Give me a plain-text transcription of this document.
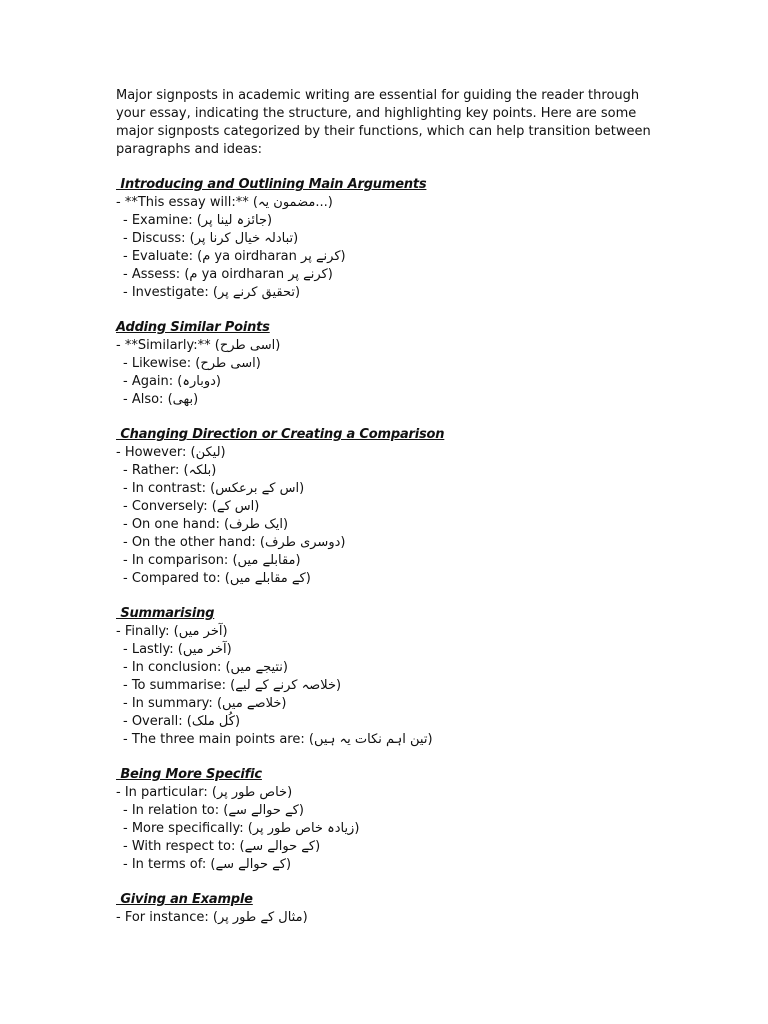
Major signposts in academic writing are essential for guiding the reader through your essay, indicating the structure, and highlighting key points. Here are some major signposts categorized by their functions, which can help transition between paragraphs and ideas:

Introducing and Outlining Main Arguments
- **This essay will:** (مضمون یہ...)
- Examine: (جائزہ لینا پر)
- Discuss: (تبادلہ خیال کرنا پر)
- Evaluate: (م ya oirdharan کرنے پر)
- Assess: (م ya oirdharan کرنے پر)
- Investigate: (تحقیق کرنے پر)
Adding Similar Points
- **Similarly:** (اسی طرح)
- Likewise: (اسی طرح)
- Again: (دوبارہ)
- Also: (بھی)
Changing Direction or Creating a Comparison
- However: (لیکن)
- Rather: (بلکہ)
- In contrast: (اس کے برعکس)
- Conversely: (اس کے)
- On one hand: (ایک طرف)
- On the other hand: (دوسری طرف)
- In comparison: (مقابلے میں)
- Compared to: (کے مقابلے میں)
Summarising
- Finally: (آخر میں)
- Lastly: (آخر میں)
- In conclusion: (نتیجے میں)
- To summarise: (خلاصہ کرنے کے لیے)
- In summary: (خلاصے میں)
- Overall: (کُل ملک)
- The three main points are: (تین اہم نکات یہ ہیں)
Being More Specific
- In particular: (خاص طور پر)
- In relation to: (کے حوالے سے)
- More specifically: (زیادہ خاص طور پر)
- With respect to: (کے حوالے سے)
- In terms of: (کے حوالے سے)
Giving an Example
- For instance: (مثال کے طور پر)
